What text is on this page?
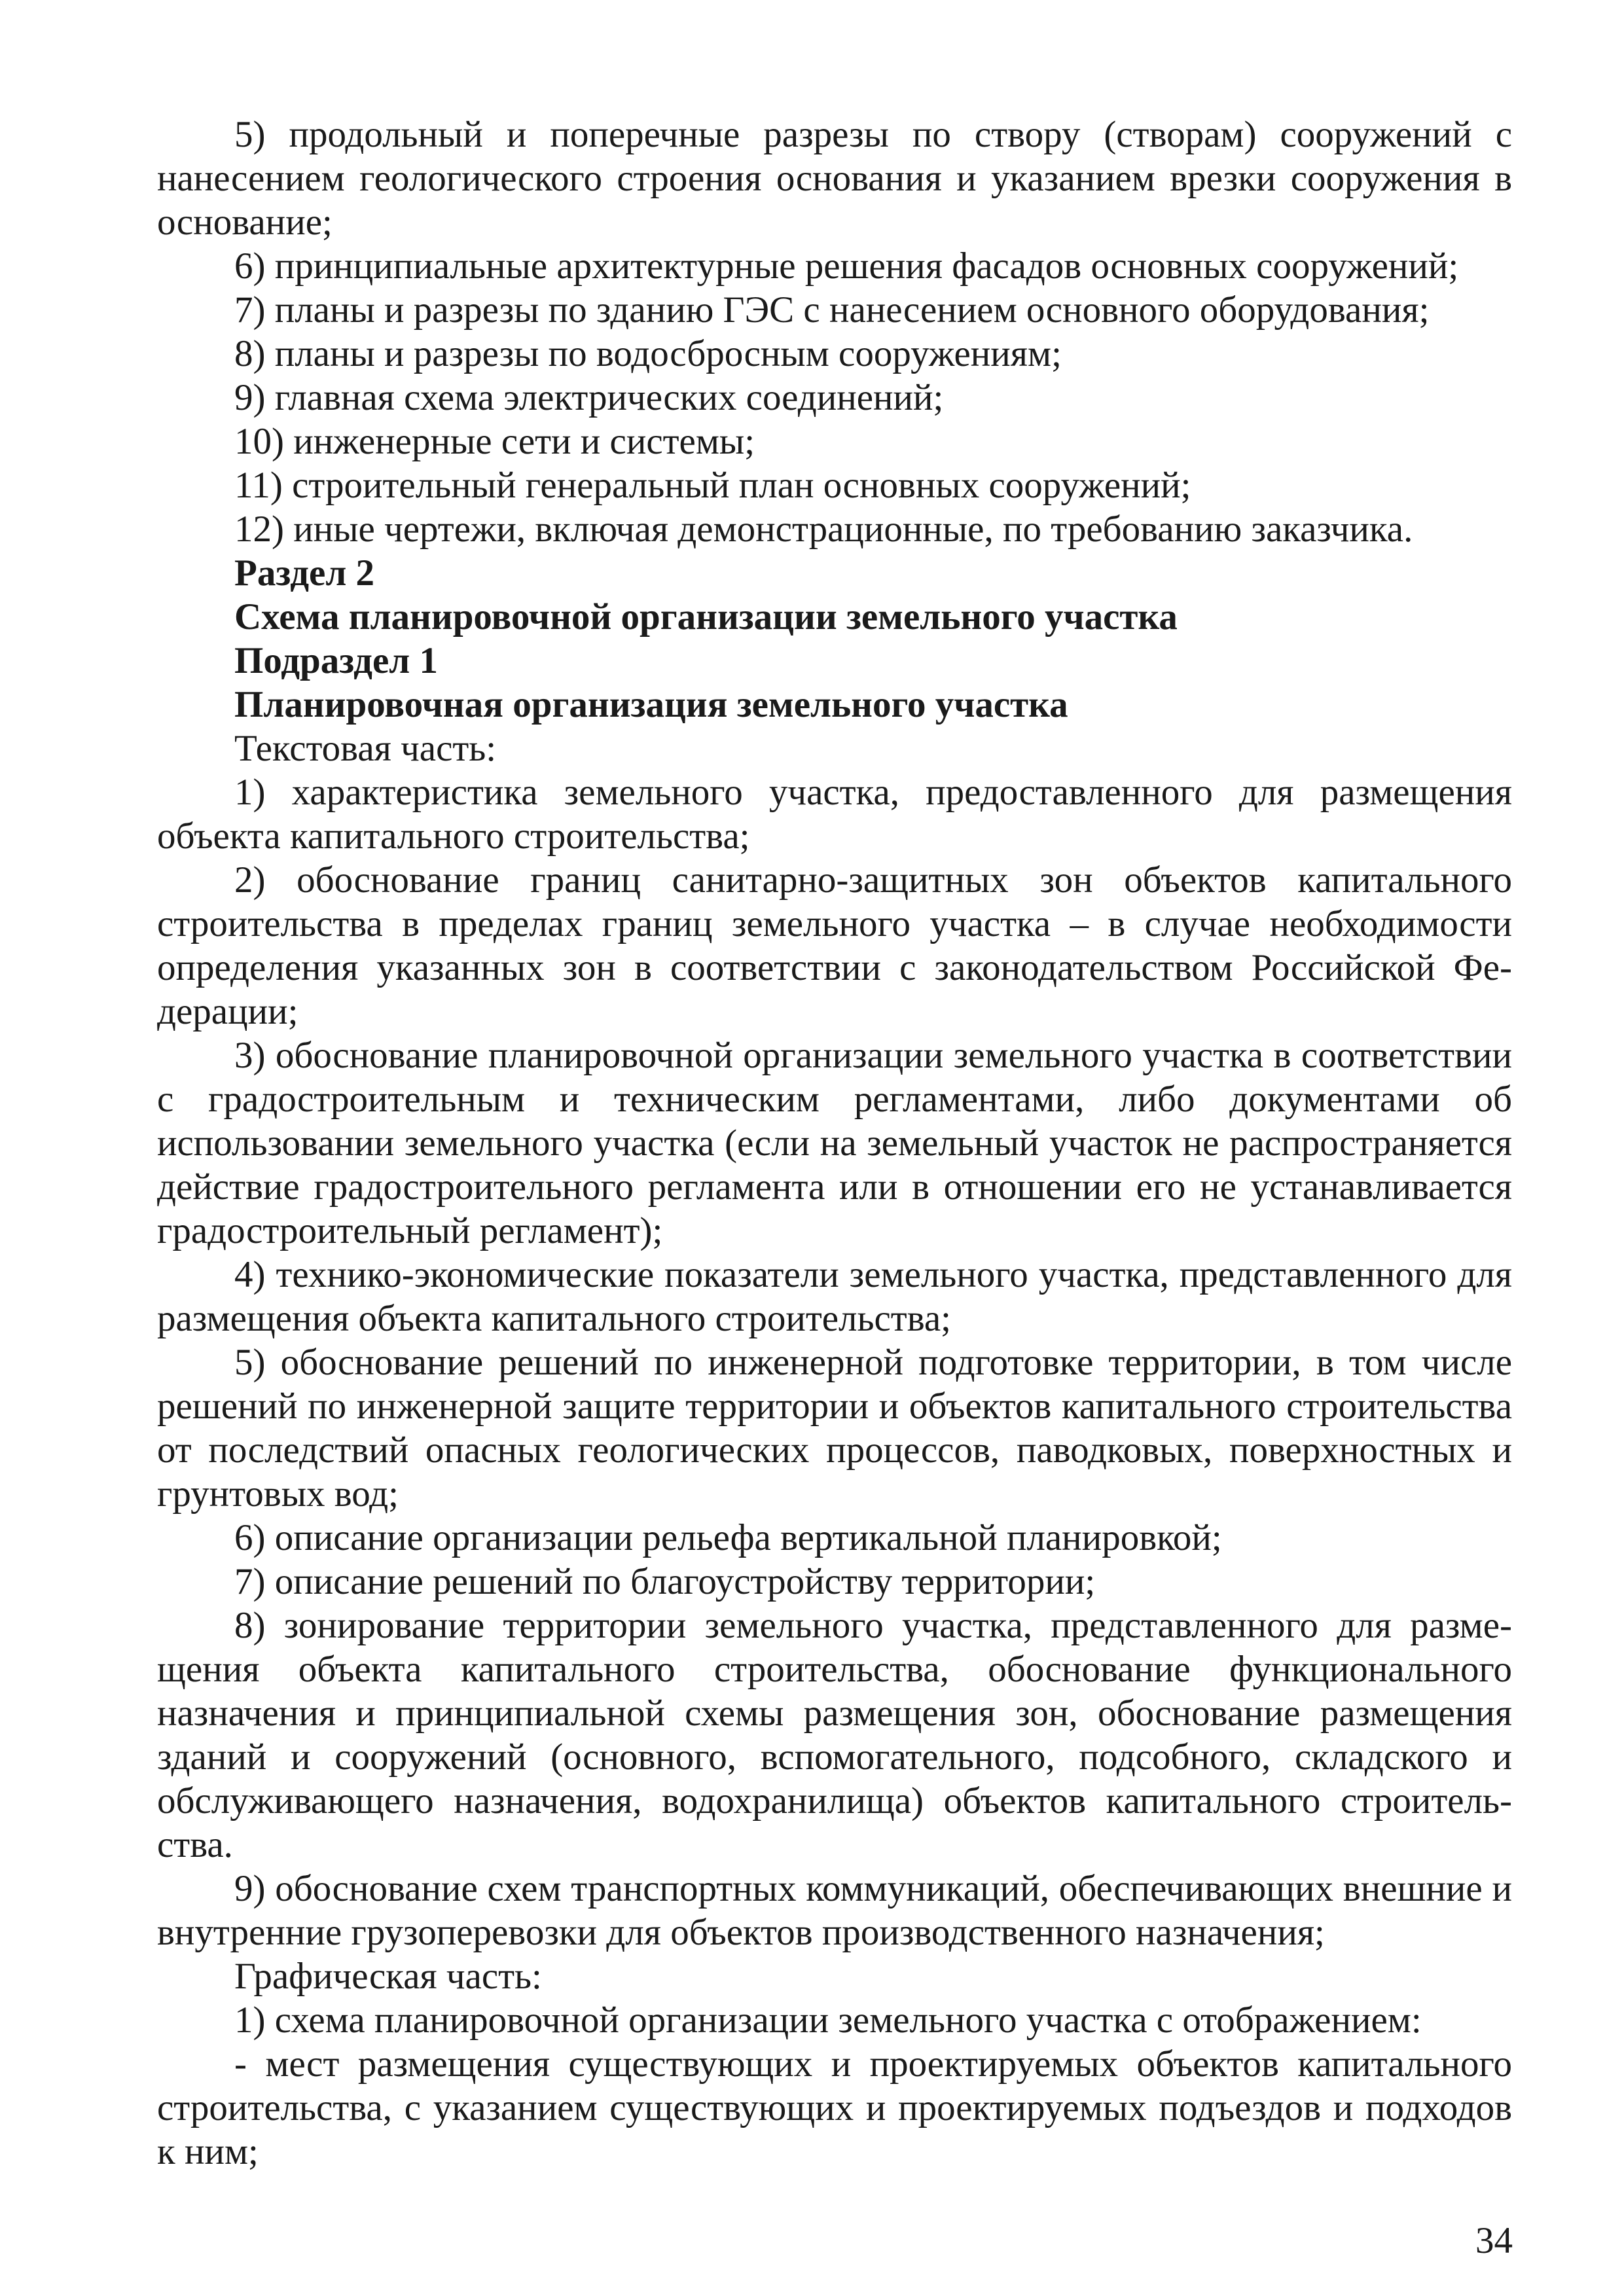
5) продольный и поперечные разрезы по створу (створам) сооружений с нанесением геологического строения основания и указанием врезки сооружения в основание;

6) принципиальные архитектурные решения фасадов основных сооружений;

7) планы и разрезы по зданию ГЭС с нанесением основного оборудования;

8) планы и разрезы по водосбросным сооружениям;

9) главная схема электрических соединений;

10) инженерные сети и системы;

11) строительный генеральный план основных сооружений;

12) иные чертежи, включая демонстрационные, по требованию заказчика.

Раздел 2

Схема планировочной организации земельного участка

Подраздел 1

Планировочная организация земельного участка

Текстовая часть:

1) характеристика земельного участка, предоставленного для размещения объекта капитального строительства;

2) обоснование границ санитарно-защитных зон объектов капитального строительства в пределах границ земельного участка – в случае необходимости определения указанных зон в соответствии с законодательством Российской Федерации;

3) обоснование планировочной организации земельного участка в соответствии с градостроительным и техническим регламентами, либо документами об использовании земельного участка (если на земельный участок не распространяется действие градостроительного регламента или в отношении его не устанавливается градостроительный регламент);

4) технико-экономические показатели земельного участка, представленного для размещения объекта капитального строительства;

5) обоснование решений по инженерной подготовке территории, в том числе решений по инженерной защите территории и объектов капитального строительства от последствий опасных геологических процессов, паводковых, поверхностных и грунтовых вод;

6) описание организации рельефа вертикальной планировкой;

7) описание решений по благоустройству территории;

8) зонирование территории земельного участка, представленного для размещения объекта капитального строительства, обоснование функционального назначения и принципиальной схемы размещения зон, обоснование размещения зданий и сооружений (основного, вспомогательного, подсобного, складского и обслуживающего назначения, водохранилища) объектов капитального строительства.

9) обоснование схем транспортных коммуникаций, обеспечивающих внешние и внутренние грузоперевозки для объектов производственного назначения;

Графическая часть:

1) схема планировочной организации земельного участка с отображением:

- мест размещения существующих и проектируемых объектов капитального строительства, с указанием существующих и проектируемых подъездов и подходов к ним;

34
